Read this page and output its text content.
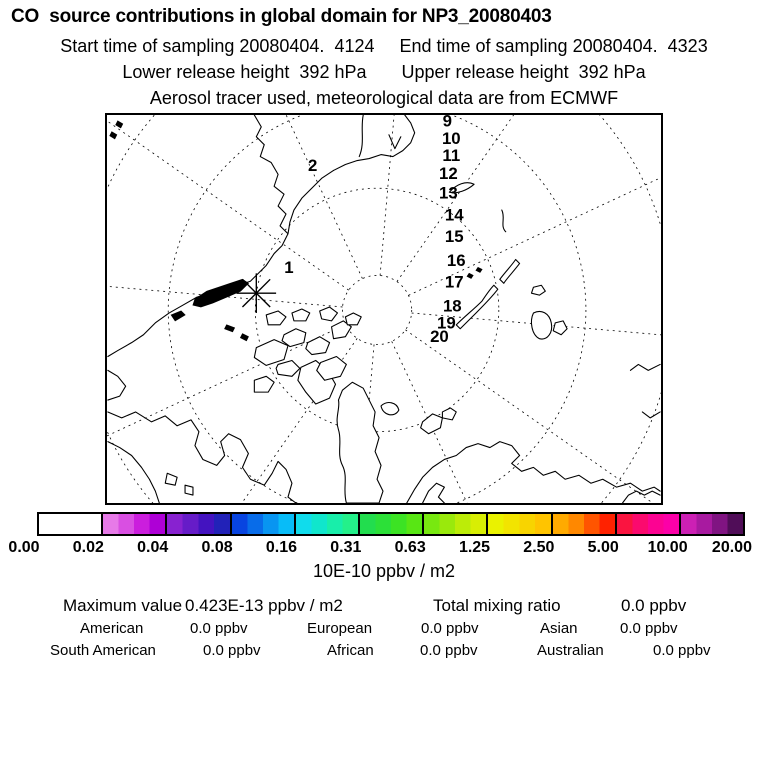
CO  source contributions in global domain for NP3_20080403
Start time of sampling 20080404.  4124     End time of sampling 20080404.  4323
Lower release height  392 hPa       Upper release height  392 hPa
Aerosol tracer used, meteorological data are from ECMWF
1
2
9
10
11
12
13
14
15
16
17
18
19
20
0.00	0.02	0.04	0.08	0.16	0.31	0.63	1.25	2.50	5.00	10.00	20.00
10E-10 ppbv / m2
Maximum value 0.423E-13 ppbv / m2	Total mixing ratio	0.0 ppbv
American	0.0 ppbv	European	0.0 ppbv	Asian	0.0 ppbv
South American	0.0 ppbv	African	0.0 ppbv	Australian	0.0 ppbv
